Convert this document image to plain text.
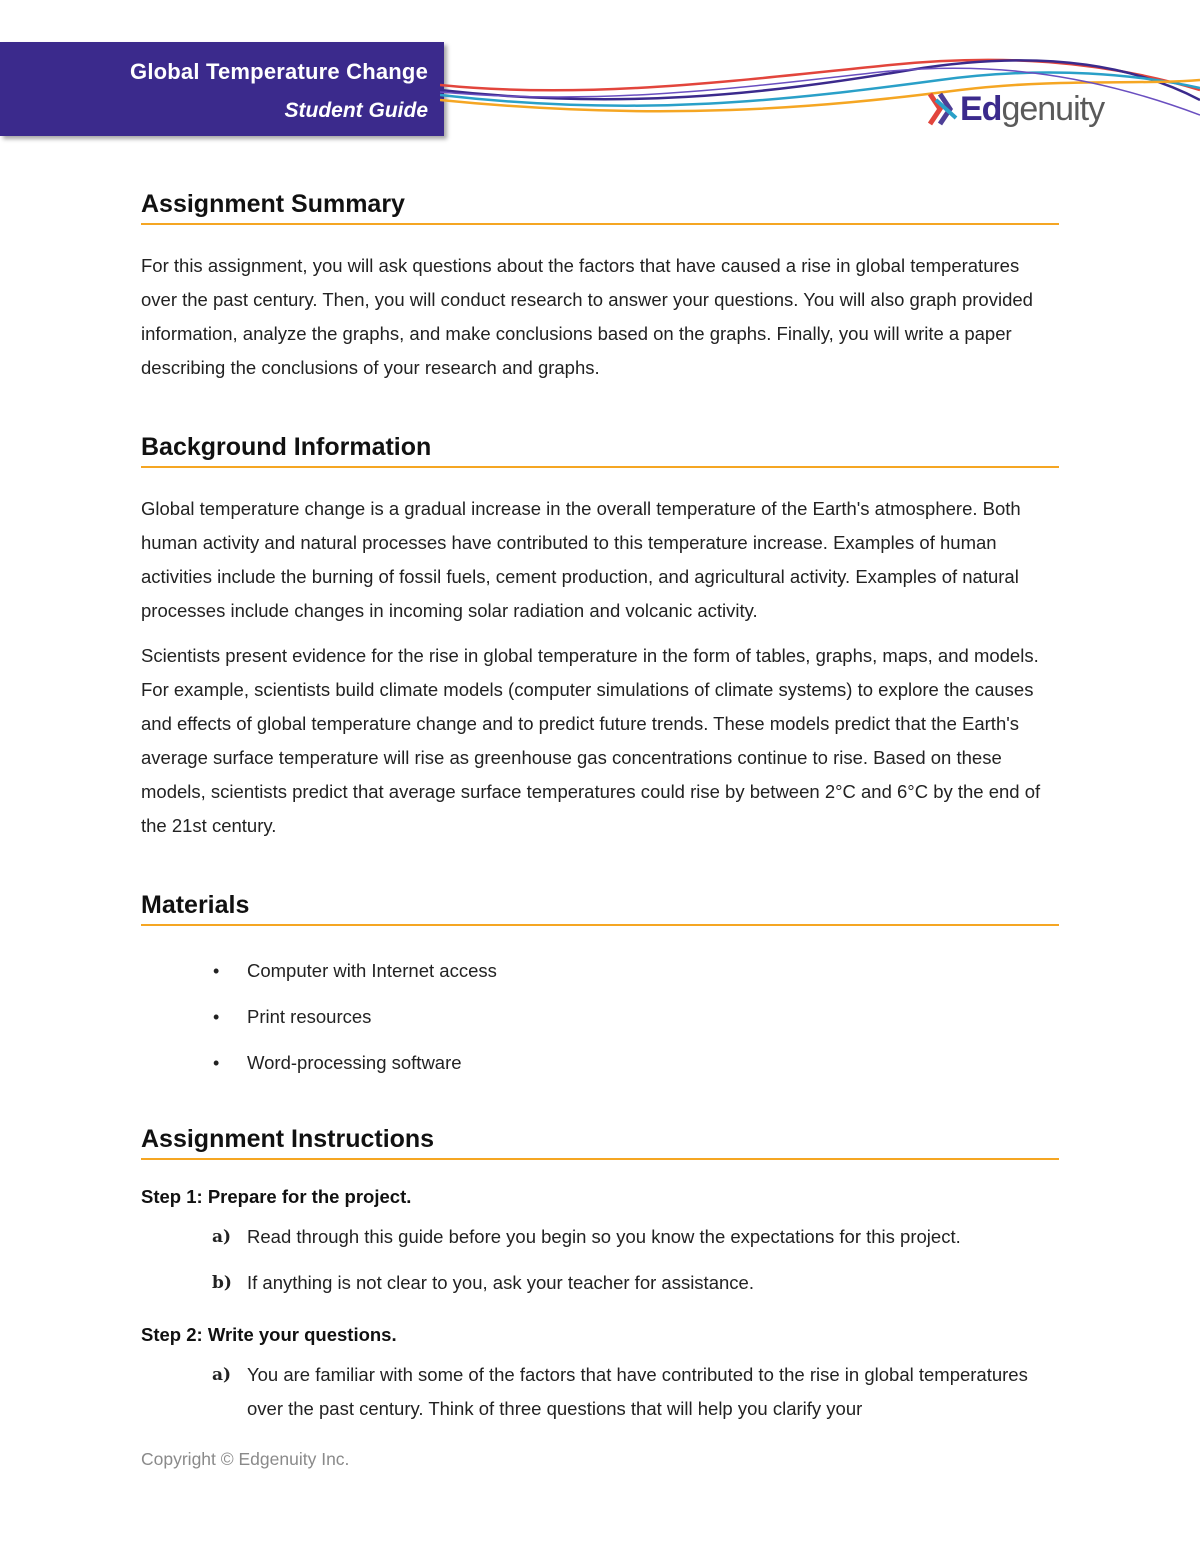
Global Temperature Change
Student Guide	Edgenuity
Assignment Summary

For this assignment, you will ask questions about the factors that have caused a rise in global temperatures over the past century. Then, you will conduct research to answer your questions. You will also graph provided information, analyze the graphs, and make conclusions based on the graphs. Finally, you will write a paper describing the conclusions of your research and graphs.

Background Information

Global temperature change is a gradual increase in the overall temperature of the Earth's atmosphere. Both human activity and natural processes have contributed to this temperature increase. Examples of human activities include the burning of fossil fuels, cement production, and agricultural activity. Examples of natural processes include changes in incoming solar radiation and volcanic activity.

Scientists present evidence for the rise in global temperature in the form of tables, graphs, maps, and models. For example, scientists build climate models (computer simulations of climate systems) to explore the causes and effects of global temperature change and to predict future trends. These models predict that the Earth's average surface temperature will rise as greenhouse gas concentrations continue to rise. Based on these models, scientists predict that average surface temperatures could rise by between 2°C and 6°C by the end of the 21st century.

Materials
• Computer with Internet access
• Print resources
• Word-processing software
Assignment Instructions
Step 1: Prepare for the project.
a) Read through this guide before you begin so you know the expectations for this project.
b) If anything is not clear to you, ask your teacher for assistance.
Step 2: Write your questions.
a) You are familiar with some of the factors that have contributed to the rise in global temperatures over the past century. Think of three questions that will help you clarify your
Copyright © Edgenuity Inc.
